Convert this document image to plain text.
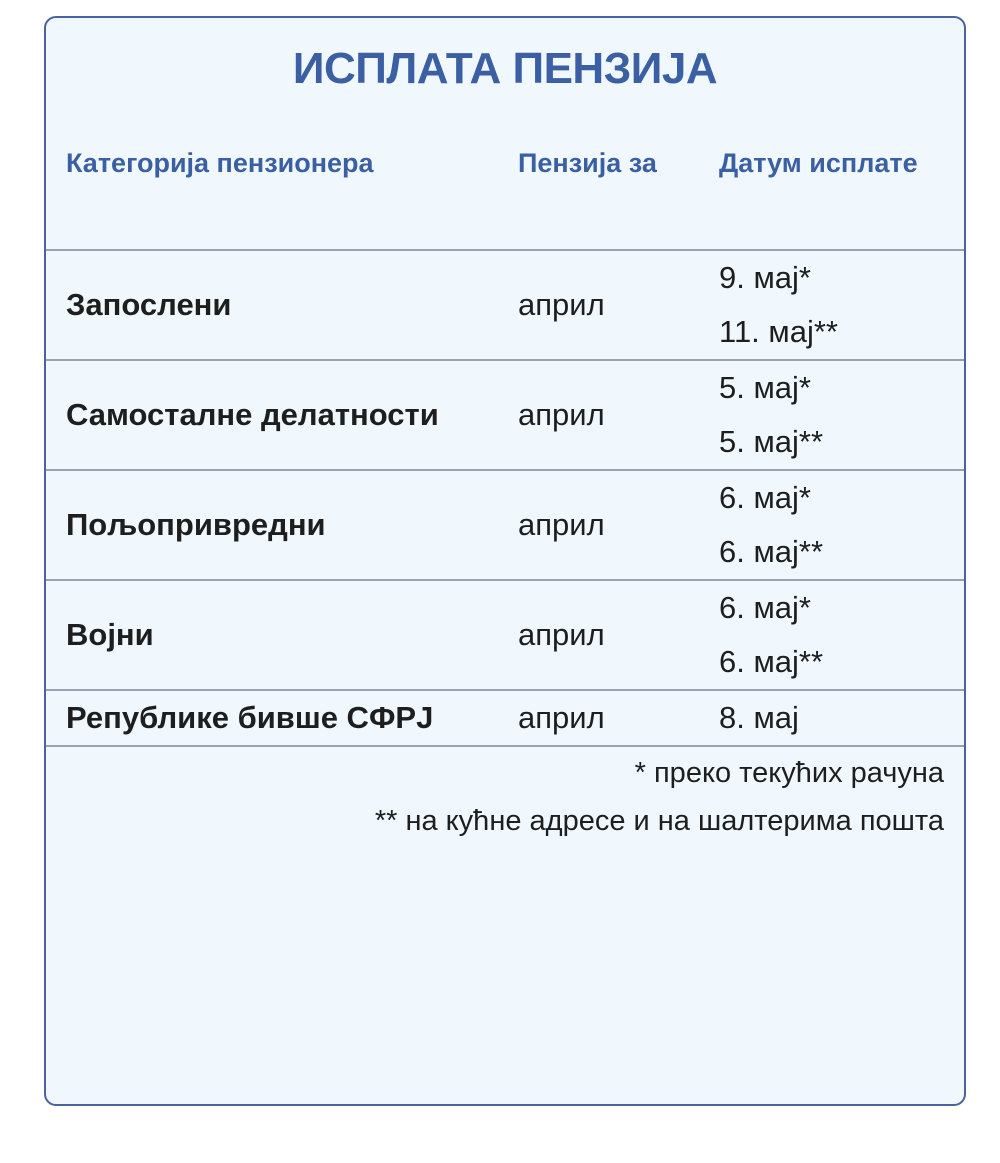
ИСПЛАТА ПЕНЗИЈА
Категорија пензионера	Пензија за	Датум исплате
Запослени	април	9. мај*
11. мај**

Самосталне делатности	април	5. мај*
5. мај**

Пољопривредни	април	6. мај*
6. мај**

Војни	април	6. мај*
6. мај**

Републике бивше СФРЈ	април	8. мај
* преко текућих рачуна
** на кућне адресе и на шалтерима пошта
